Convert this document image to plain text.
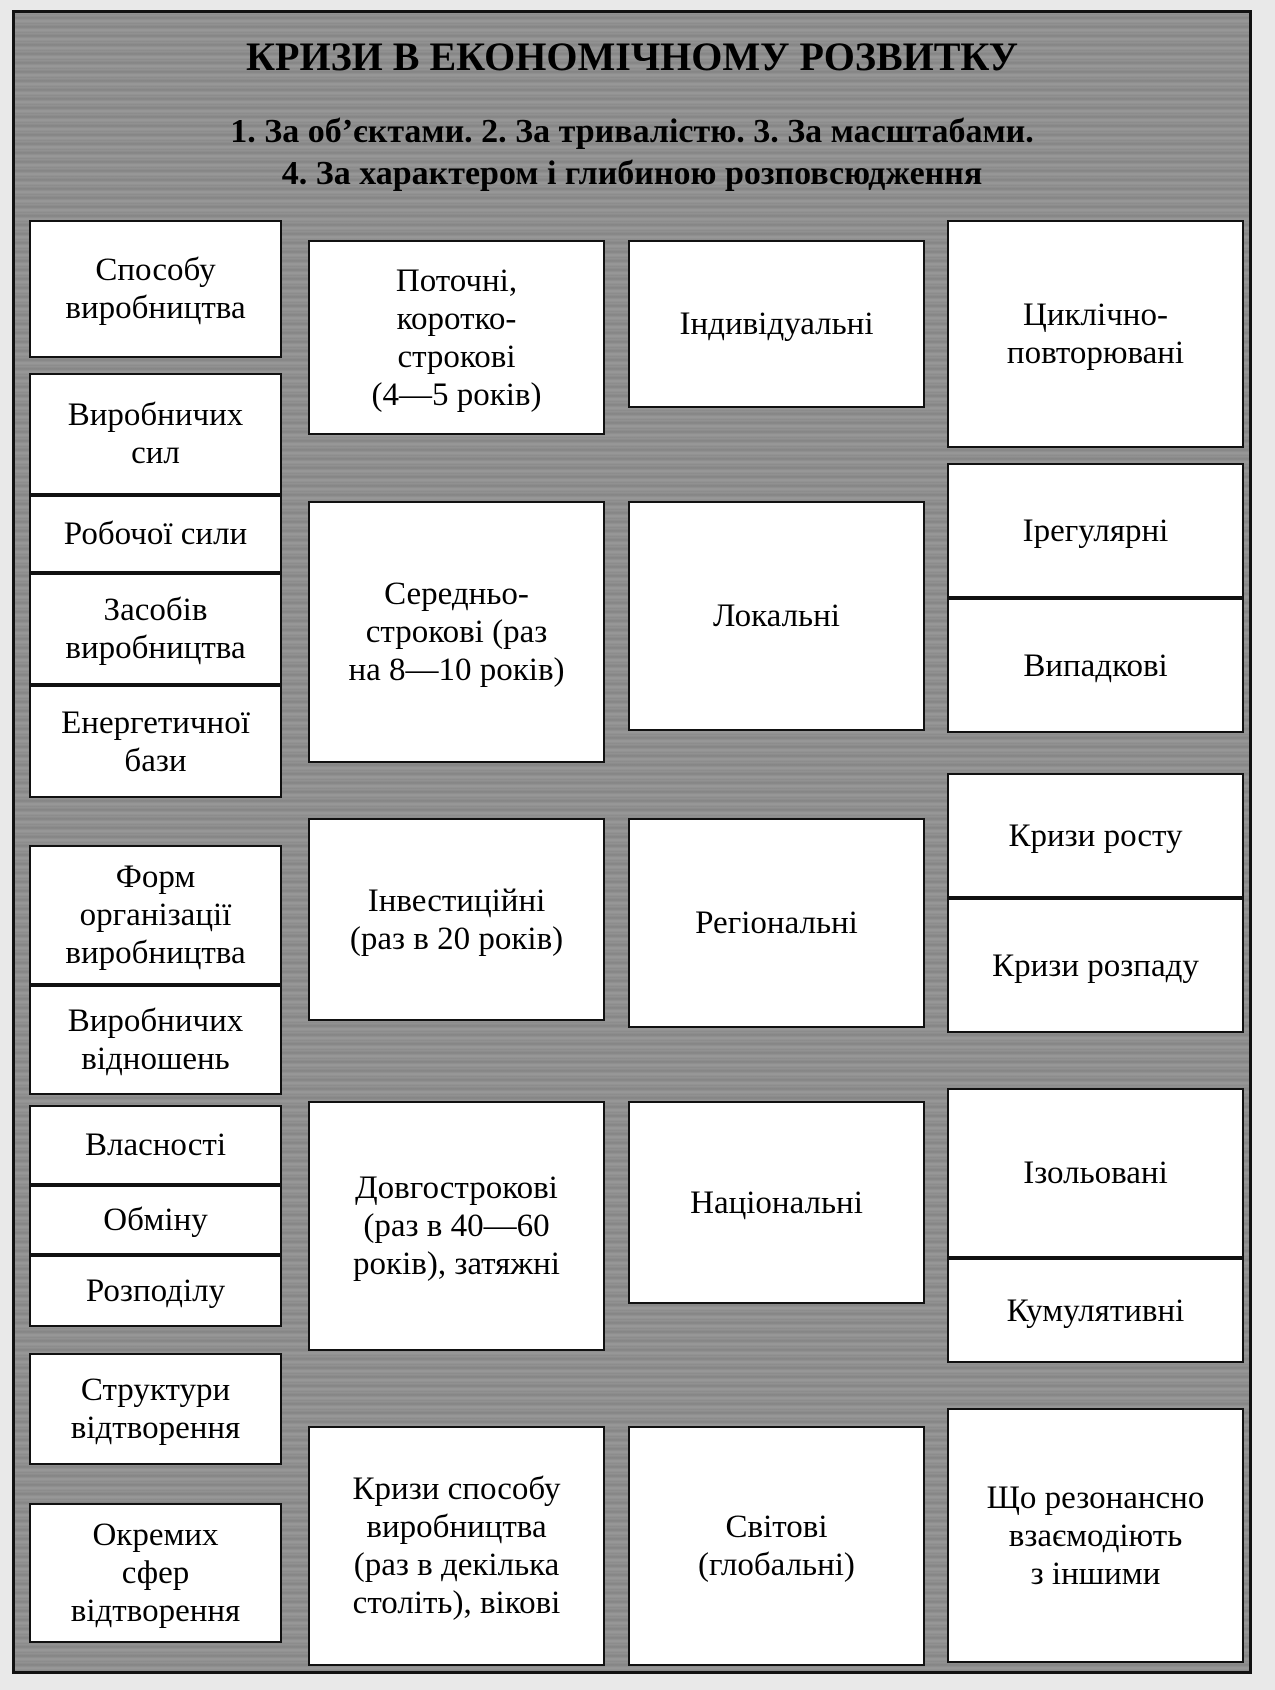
КРИЗИ В ЕКОНОМІЧНОМУ РОЗВИТКУ
1. За об’єктами. 2. За тривалістю. 3. За масштабами.
4. За характером і глибиною розповсюдження
Способу
виробництва
Виробничих
сил
Робочої сили
Засобів
виробництва
Енергетичної
бази
Форм
організації
виробництва
Виробничих
відношень
Власності
Обміну
Розподілу
Структури
відтворення
Окремих
сфер
відтворення
Поточні,
коротко-
строкові
(4—5 років)
Середньо-
строкові (раз
на 8—10 років)
Інвестиційні
(раз в 20 років)
Довгострокові
(раз в 40—60
років), затяжні
Кризи способу
виробництва
(раз в декілька
століть), вікові
Індивідуальні
Локальні
Регіональні
Національні
Світові
(глобальні)
Циклічно-
повторювані
Ірегулярні
Випадкові
Кризи росту
Кризи розпаду
Ізольовані
Кумулятивні
Що резонансно
взаємодіють
з іншими
